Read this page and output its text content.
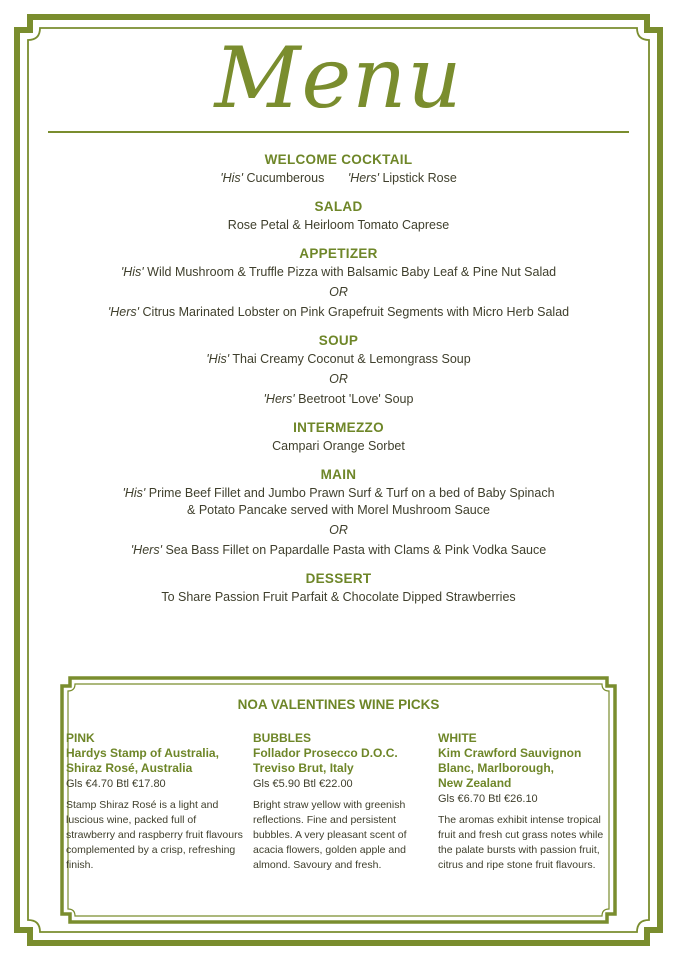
Menu
WELCOME COCKTAIL
'His' Cucumberous 'Hers' Lipstick Rose
SALAD
Rose Petal & Heirloom Tomato Caprese
APPETIZER
'His' Wild Mushroom & Truffle Pizza with Balsamic Baby Leaf & Pine Nut Salad
OR
'Hers' Citrus Marinated Lobster on Pink Grapefruit Segments with Micro Herb Salad
SOUP
'His' Thai Creamy Coconut & Lemongrass Soup
OR
'Hers' Beetroot 'Love' Soup
INTERMEZZO
Campari Orange Sorbet
MAIN
'His' Prime Beef Fillet and Jumbo Prawn Surf & Turf on a bed of Baby Spinach
& Potato Pancake served with Morel Mushroom Sauce
OR
'Hers' Sea Bass Fillet on Papardalle Pasta with Clams & Pink Vodka Sauce
DESSERT
To Share Passion Fruit Parfait & Chocolate Dipped Strawberries
NOA VALENTINES WINE PICKS
PINK
Hardys Stamp of Australia,
Shiraz Rosé, Australia
Gls €4.70 Btl €17.80
Stamp Shiraz Rosé is a light and luscious wine, packed full of strawberry and raspberry fruit flavours complemented by a crisp, refreshing finish.
BUBBLES
Follador Prosecco D.O.C.
Treviso Brut, Italy
Gls €5.90 Btl €22.00
Bright straw yellow with greenish reflections. Fine and persistent bubbles. A very pleasant scent of acacia flowers, golden apple and almond. Savoury and fresh.
WHITE
Kim Crawford Sauvignon
Blanc, Marlborough,
New Zealand
Gls €6.70 Btl €26.10
The aromas exhibit intense tropical fruit and fresh cut grass notes while the palate bursts with passion fruit, citrus and ripe stone fruit flavours.
